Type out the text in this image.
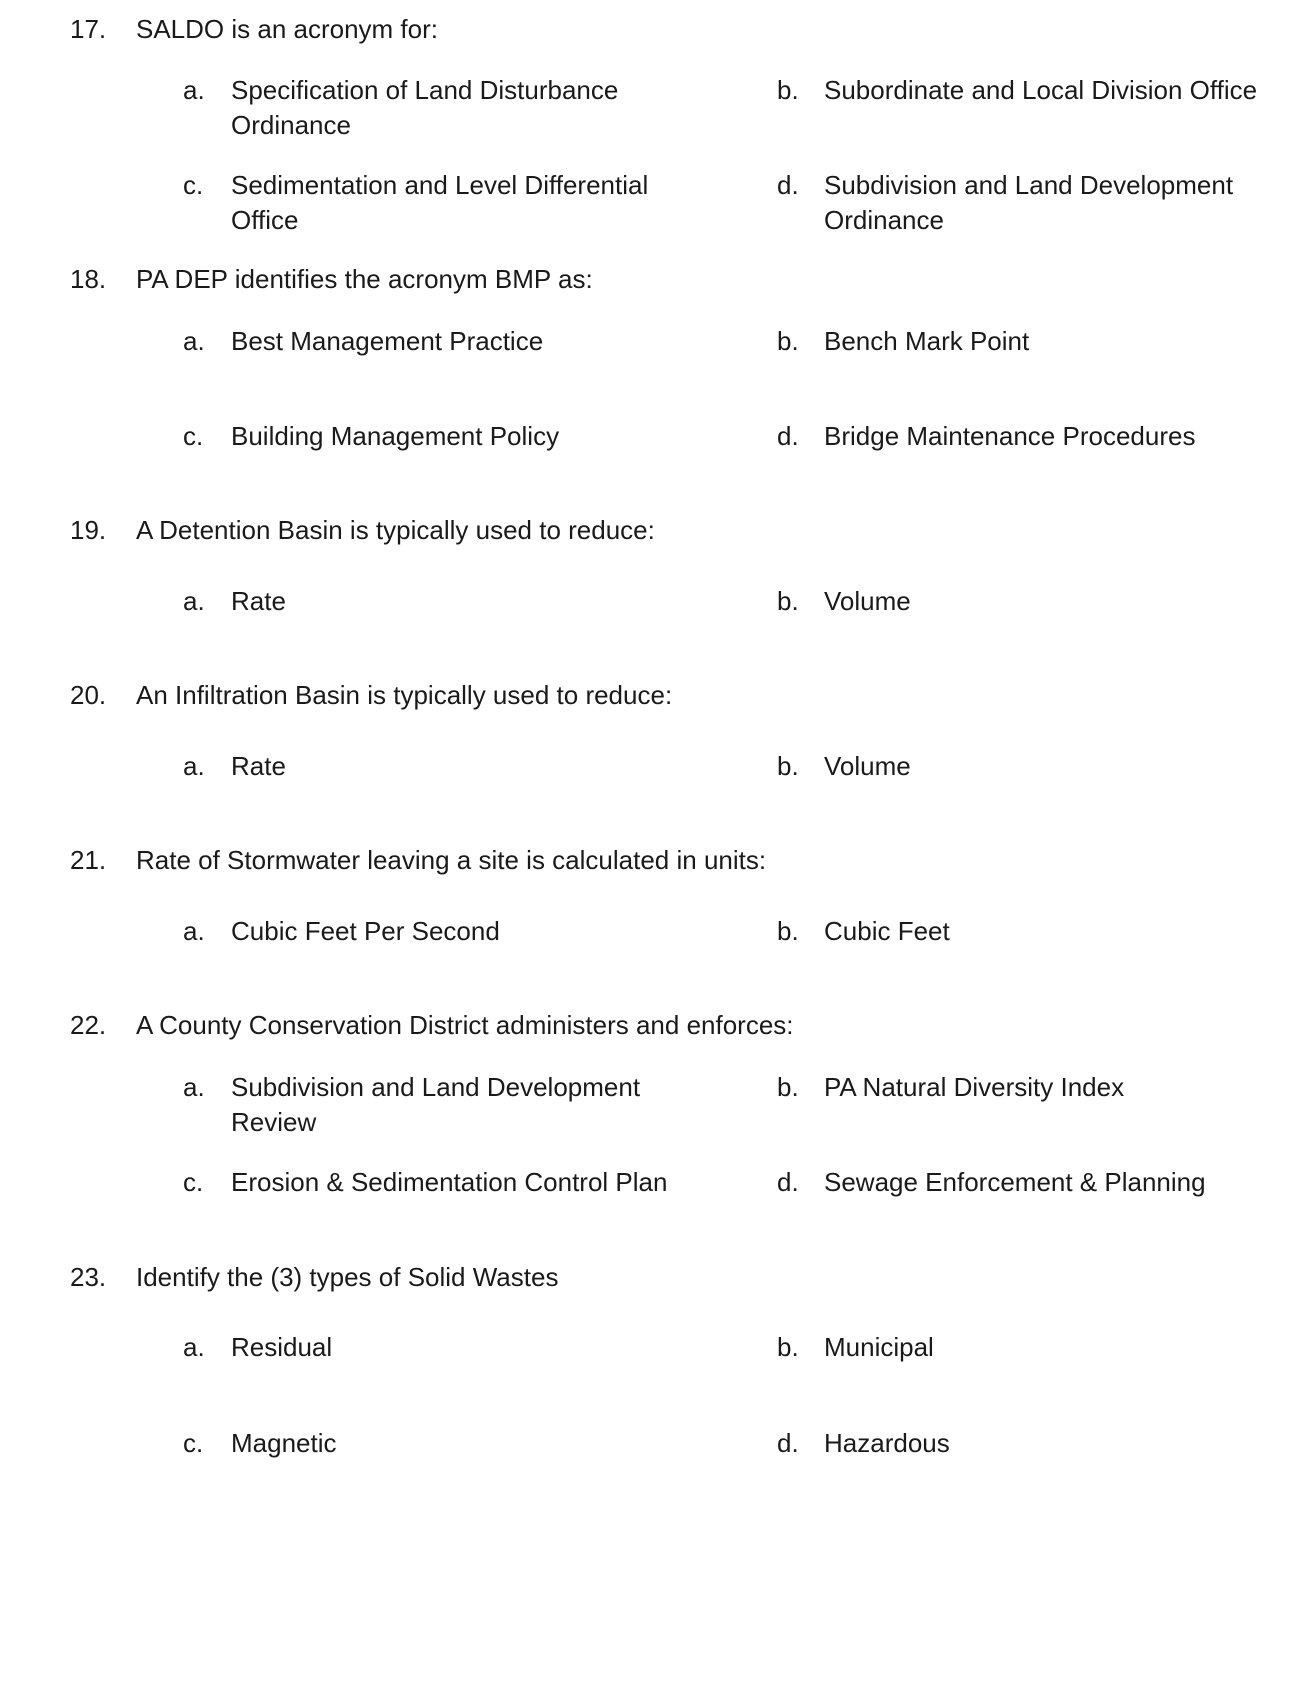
17. SALDO is an acronym for:
a. Specification of Land Disturbance Ordinance
b. Subordinate and Local Division Office
c. Sedimentation and Level Differential Office
d. Subdivision and Land Development Ordinance
18. PA DEP identifies the acronym BMP as:
a. Best Management Practice	b. Bench Mark Point
c. Building Management Policy	d. Bridge Maintenance Procedures
19. A Detention Basin is typically used to reduce:
a. Rate	b. Volume
20. An Infiltration Basin is typically used to reduce:
a. Rate	b. Volume
21. Rate of Stormwater leaving a site is calculated in units:
a. Cubic Feet Per Second	b. Cubic Feet
22. A County Conservation District administers and enforces:
a. Subdivision and Land Development Review
b. PA Natural Diversity Index
c. Erosion & Sedimentation Control Plan	d. Sewage Enforcement & Planning
23. Identify the (3) types of Solid Wastes
a. Residual	b. Municipal
c. Magnetic	d. Hazardous
